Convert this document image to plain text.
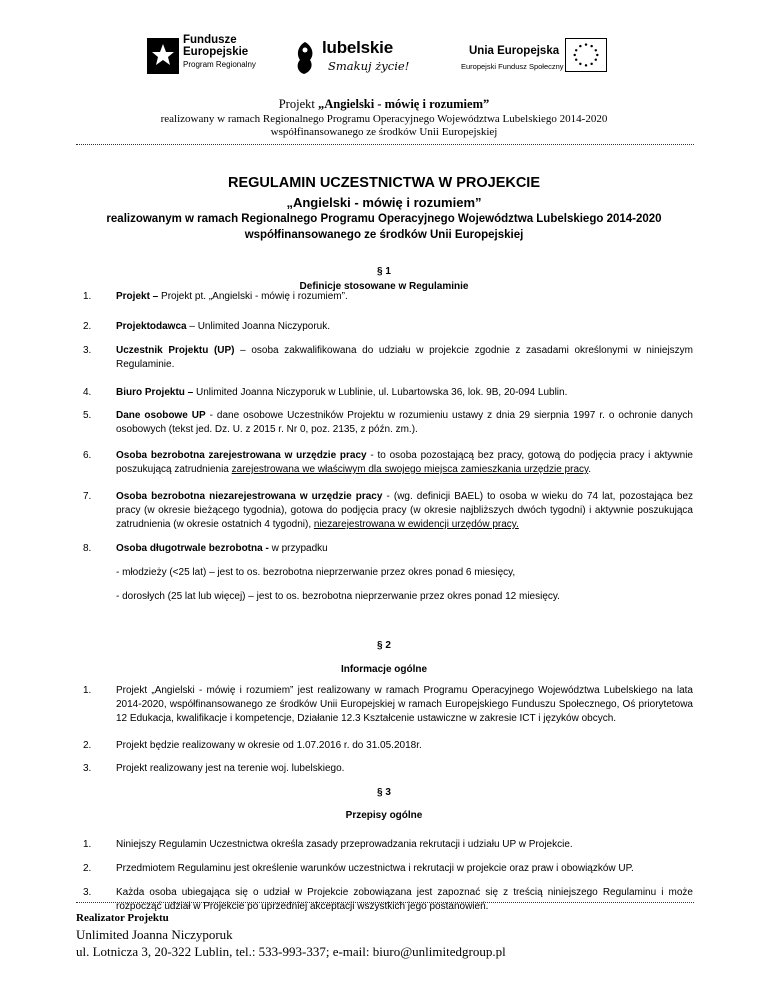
Fundusze
Europejskie
Program Regionalny
lubelskie
Smakuj życie!
Unia Europejska
Europejski Fundusz Społeczny
Projekt „Angielski - mówię i rozumiem”
realizowany w ramach Regionalnego Programu Operacyjnego Województwa Lubelskiego 2014-2020
współfinansowanego ze środków Unii Europejskiej
REGULAMIN UCZESTNICTWA W PROJEKCIE
„Angielski - mówię i rozumiem”
realizowanym w ramach Regionalnego Programu Operacyjnego Województwa Lubelskiego 2014-2020
współfinansowanego ze środków Unii Europejskiej
§ 1
Definicje stosowane w Regulaminie
1. Projekt – Projekt pt. „Angielski - mówię i rozumiem”.
2. Projektodawca – Unlimited Joanna Niczyporuk.
3. Uczestnik Projektu (UP) – osoba zakwalifikowana do udziału w projekcie zgodnie z zasadami określonymi w niniejszym Regulaminie.
4. Biuro Projektu – Unlimited Joanna Niczyporuk w Lublinie, ul. Lubartowska 36, lok. 9B, 20-094 Lublin.
5. Dane osobowe UP - dane osobowe Uczestników Projektu w rozumieniu ustawy z dnia 29 sierpnia 1997 r. o ochronie danych osobowych (tekst jed. Dz. U. z 2015 r. Nr 0, poz. 2135, z późn. zm.).
6. Osoba bezrobotna zarejestrowana w urzędzie pracy - to osoba pozostającą bez pracy, gotową do podjęcia pracy i aktywnie poszukującą zatrudnienia zarejestrowana we właściwym dla swojego miejsca zamieszkania urzędzie pracy.
7. Osoba bezrobotna niezarejestrowana w urzędzie pracy - (wg. definicji BAEL) to osoba w wieku do 74 lat, pozostająca bez pracy (w okresie bieżącego tygodnia), gotowa do podjęcia pracy (w okresie najbliższych dwóch tygodni) i aktywnie poszukująca zatrudnienia (w okresie ostatnich 4 tygodni), niezarejestrowana w ewidencji urzędów pracy.
8. Osoba długotrwale bezrobotna - w przypadku
- młodzieży (<25 lat) – jest to os. bezrobotna nieprzerwanie przez okres ponad 6 miesięcy,
- dorosłych (25 lat lub więcej) – jest to os. bezrobotna nieprzerwanie przez okres ponad 12 miesięcy.
§ 2
Informacje ogólne
1. Projekt „Angielski - mówię i rozumiem” jest realizowany w ramach Programu Operacyjnego Województwa Lubelskiego na lata 2014-2020, współfinansowanego ze środków Unii Europejskiej w ramach Europejskiego Funduszu Społecznego, Oś priorytetowa 12 Edukacja, kwalifikacje i kompetencje, Działanie 12.3 Kształcenie ustawiczne w zakresie ICT i języków obcych.
2. Projekt będzie realizowany w okresie od 1.07.2016 r. do 31.05.2018r.
3. Projekt realizowany jest na terenie woj. lubelskiego.
§ 3
Przepisy ogólne
1. Niniejszy Regulamin Uczestnictwa określa zasady przeprowadzania rekrutacji i udziału UP w Projekcie.
2. Przedmiotem Regulaminu jest określenie warunków uczestnictwa i rekrutacji w projekcie oraz praw i obowiązków UP.
3. Każda osoba ubiegająca się o udział w Projekcie zobowiązana jest zapoznać się z treścią niniejszego Regulaminu i może rozpocząć udział w Projekcie po uprzedniej akceptacji wszystkich jego postanowień.
Realizator Projektu
Unlimited Joanna Niczyporuk
ul. Lotnicza 3, 20-322 Lublin, tel.: 533-993-337; e-mail: biuro@unlimitedgroup.pl
